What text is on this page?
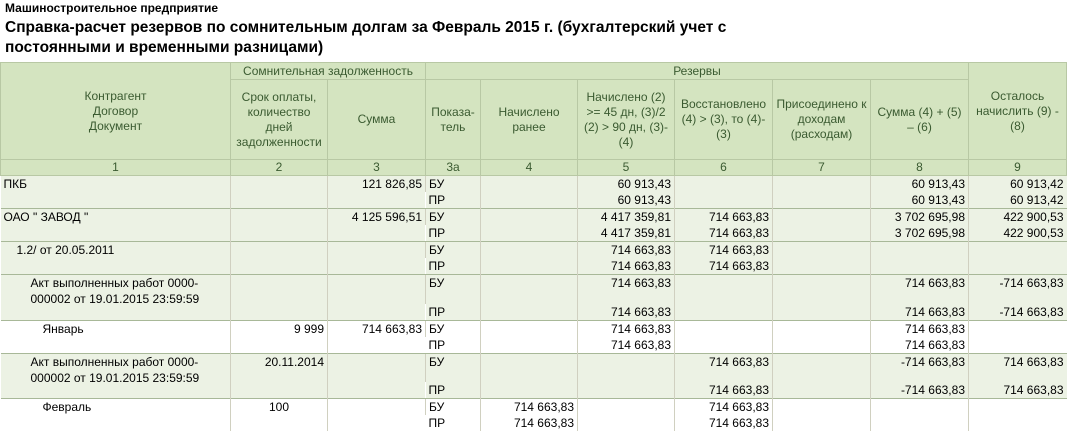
Машиностроительное предприятие
Справка-расчет резервов по сомнительным долгам за Февраль 2015 г. (бухгалтерский учет с
постоянными и временными разницами)
Контрагент Договор Документ	Сомнительная задолженность		Резервы						Осталось начислить (9) - (8)
	Срок оплаты, количество дней задолженности	Сумма	Показа-тель	Начислено ранее	Начислено (2) >= 45 дн, (3)/2 (2) > 90 дн, (3)-(4)	Восстановлено (4) > (3), то (4)-(3)	Присоединено к доходам (расходам)	Сумма (4) + (5) – (6)	
1	2	3	3а	4	5	6	7	8	9
ПКБ		121 826,85	БУ		60 913,43			60 913,43	60 913,42
			ПР		60 913,43			60 913,43	60 913,42
ОАО " ЗАВОД "		4 125 596,51	БУ		4 417 359,81	714 663,83		3 702 695,98	422 900,53
			ПР		4 417 359,81	714 663,83		3 702 695,98	422 900,53
1.2/ от 20.05.2011			БУ		714 663,83	714 663,83			
			ПР		714 663,83	714 663,83			
Акт выполненных работ 0000-000002 от 19.01.2015 23:59:59			БУ		714 663,83			714 663,83	-714 663,83
			ПР		714 663,83			714 663,83	-714 663,83
Январь	9 999	714 663,83	БУ		714 663,83			714 663,83	
			ПР		714 663,83			714 663,83	
Акт выполненных работ 0000-000002 от 19.01.2015 23:59:59	20.11.2014		БУ			714 663,83		-714 663,83	714 663,83
			ПР			714 663,83		-714 663,83	714 663,83
Февраль	100		БУ	714 663,83		714 663,83			
			ПР	714 663,83		714 663,83			
